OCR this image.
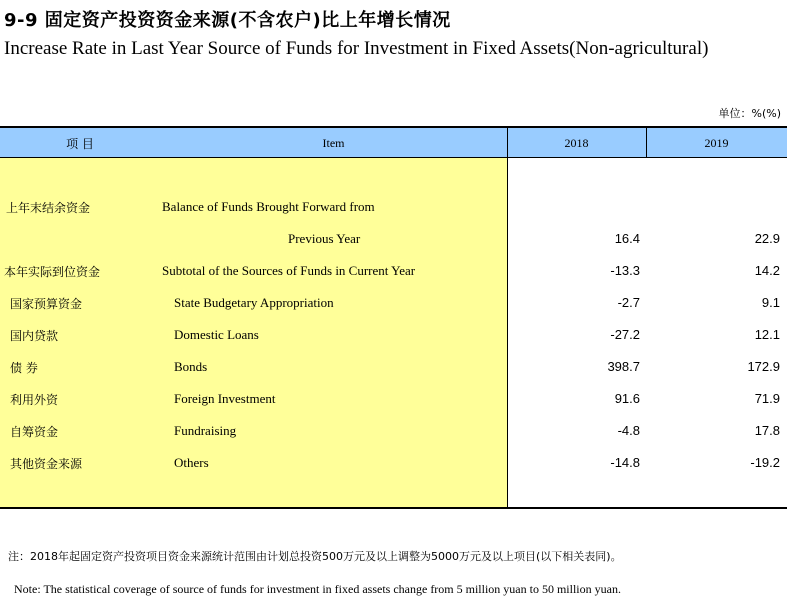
9-9 固定资产投资资金来源(不含农户)比上年增长情况
Increase Rate in Last Year Source of Funds for Investment in Fixed Assets(Non-agricultural)
单位：%(%)
项 目	Item	2018	2019
上年末结余资金	Balance of Funds Brought Forward from
Previous Year	16.4	22.9
本年实际到位资金	Subtotal of the Sources of Funds in Current Year	-13.3	14.2
国家预算资金	State Budgetary Appropriation	-2.7	9.1
国内贷款	Domestic Loans	-27.2	12.1
债 券	Bonds	398.7	172.9
利用外资	Foreign Investment	91.6	71.9
自筹资金	Fundraising	-4.8	17.8
其他资金来源	Others	-14.8	-19.2
注：2018年起固定资产投资项目资金来源统计范围由计划总投资500万元及以上调整为5000万元及以上项目(以下相关表同)。
Note: The statistical coverage of source of funds for investment in fixed assets change from 5 million yuan to 50 million yuan.
